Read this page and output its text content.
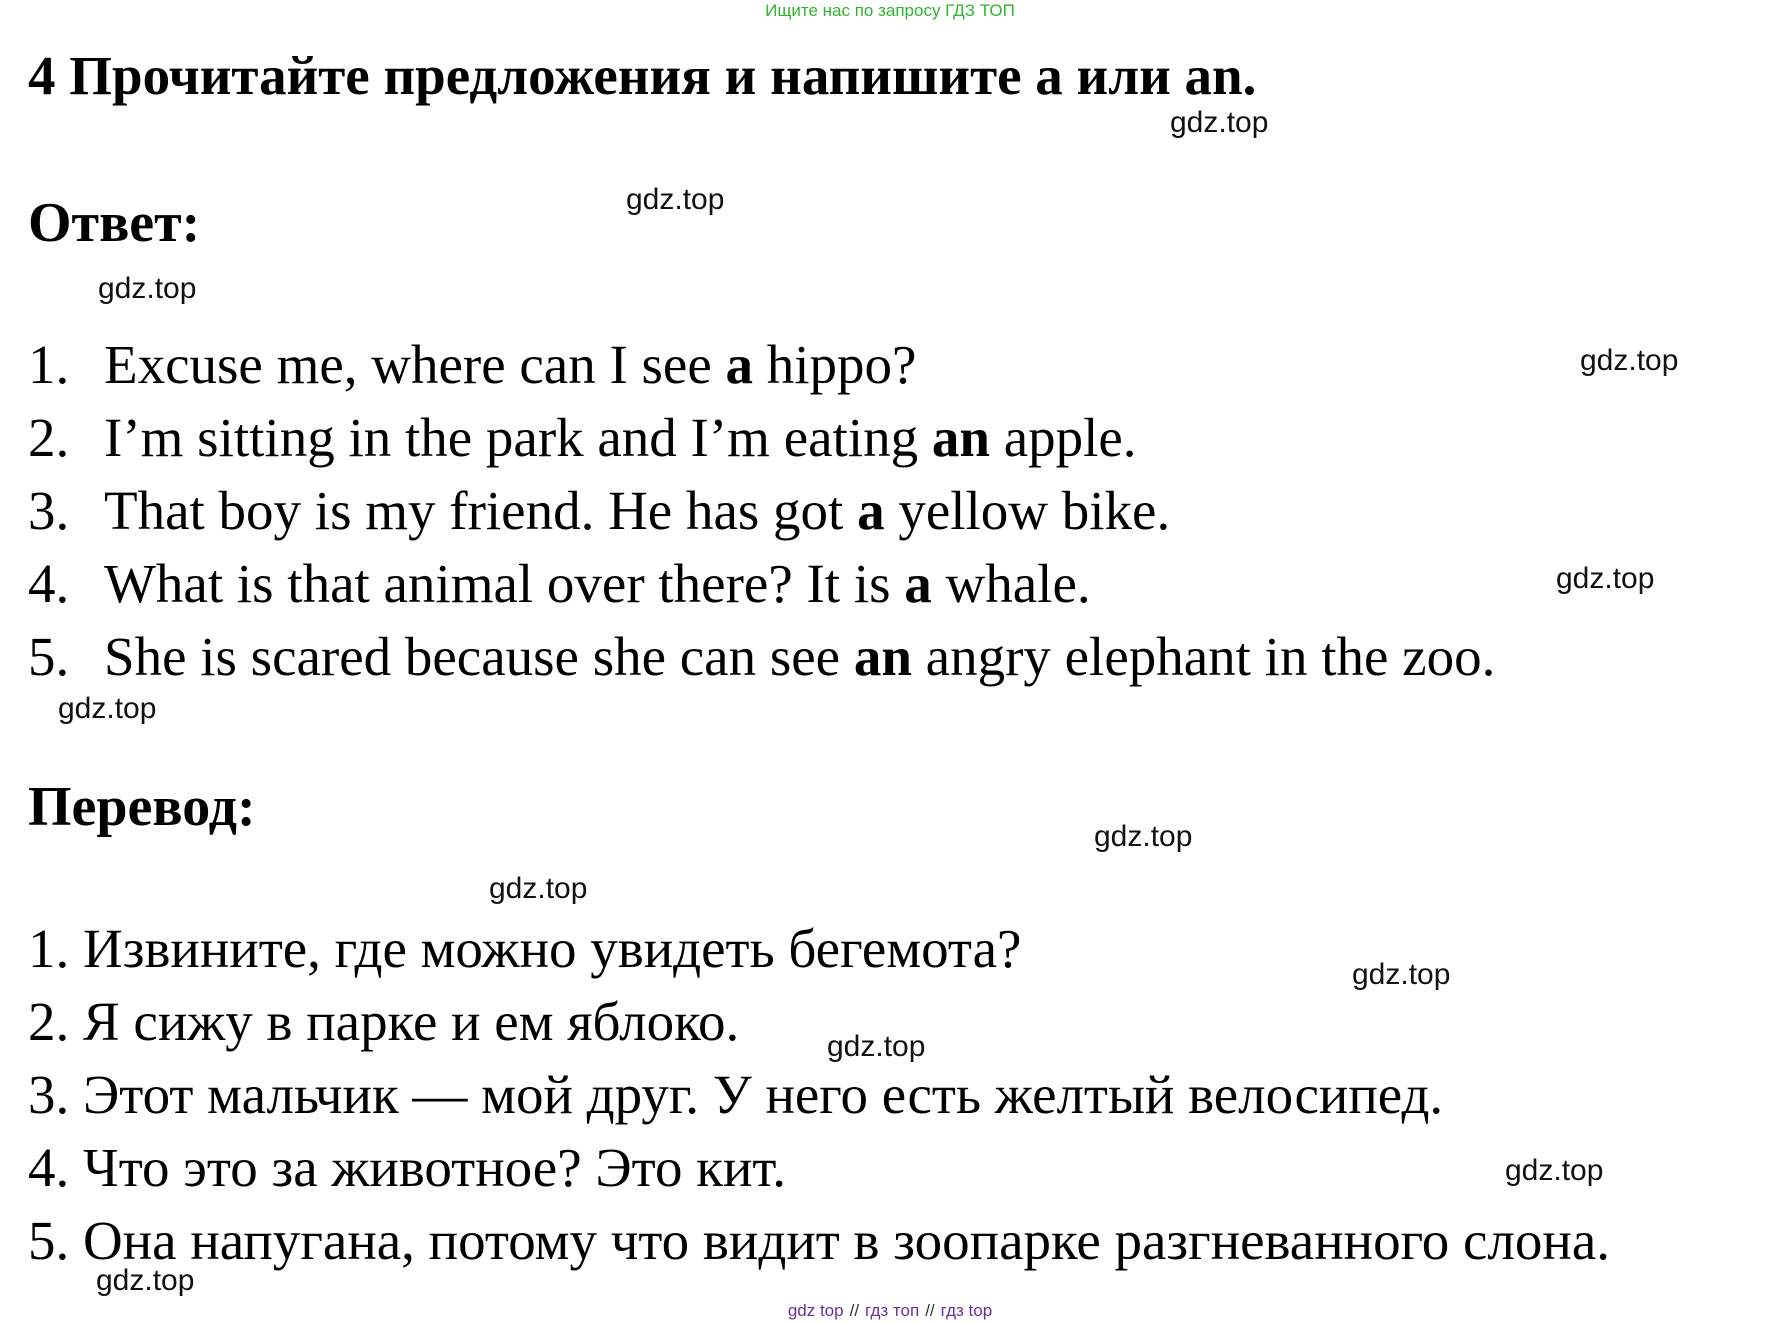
Ищите нас по запросу ГДЗ ТОП
4 Прочитайте предложения и напишите a или an.
Ответ:
1. Excuse me, where can I see a hippo?
2. I’m sitting in the park and I’m eating an apple.
3. That boy is my friend. He has got a yellow bike.
4. What is that animal over there? It is a whale.
5. She is scared because she can see an angry elephant in the zoo.
Перевод:
1. Извините, где можно увидеть бегемота?
2. Я сижу в парке и ем яблоко.
3. Этот мальчик — мой друг. У него есть желтый велосипед.
4. Что это за животное? Это кит.
5. Она напугана, потому что видит в зоопарке разгневанного слона.
gdz.top
gdz.top
gdz.top
gdz.top
gdz.top
gdz.top
gdz.top
gdz.top
gdz.top
gdz.top
gdz.top
gdz.top
gdz top // гдз топ // гдз top
